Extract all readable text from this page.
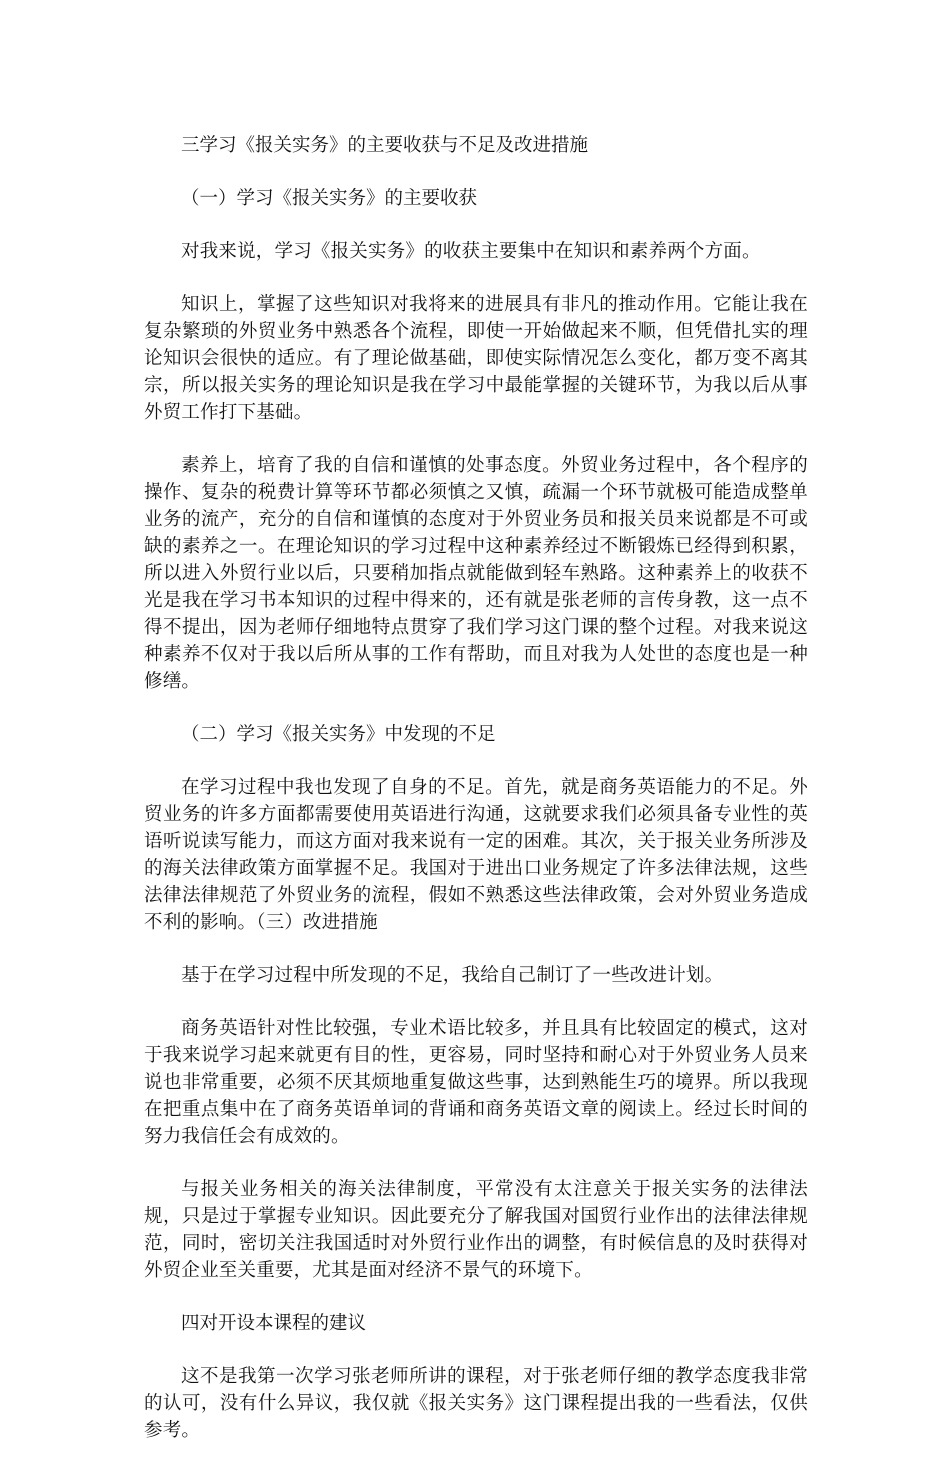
三学习《报关实务》的主要收获与不足及改进措施

（一）学习《报关实务》的主要收获

对我来说，学习《报关实务》的收获主要集中在知识和素养两个方面。

知识上，掌握了这些知识对我将来的进展具有非凡的推动作用。它能让我在复杂繁琐的外贸业务中熟悉各个流程，即使一开始做起来不顺，但凭借扎实的理论知识会很快的适应。有了理论做基础，即使实际情况怎么变化，都万变不离其宗，所以报关实务的理论知识是我在学习中最能掌握的关键环节，为我以后从事外贸工作打下基础。

素养上，培育了我的自信和谨慎的处事态度。外贸业务过程中，各个程序的操作、复杂的税费计算等环节都必须慎之又慎，疏漏一个环节就极可能造成整单业务的流产，充分的自信和谨慎的态度对于外贸业务员和报关员来说都是不可或缺的素养之一。在理论知识的学习过程中这种素养经过不断锻炼已经得到积累，所以进入外贸行业以后，只要稍加指点就能做到轻车熟路。这种素养上的收获不光是我在学习书本知识的过程中得来的，还有就是张老师的言传身教，这一点不得不提出，因为老师仔细地特点贯穿了我们学习这门课的整个过程。对我来说这种素养不仅对于我以后所从事的工作有帮助，而且对我为人处世的态度也是一种修缮。

（二）学习《报关实务》中发现的不足

在学习过程中我也发现了自身的不足。首先，就是商务英语能力的不足。外贸业务的许多方面都需要使用英语进行沟通，这就要求我们必须具备专业性的英语听说读写能力，而这方面对我来说有一定的困难。其次，关于报关业务所涉及的海关法律政策方面掌握不足。我国对于进出口业务规定了许多法律法规，这些法律法律规范了外贸业务的流程，假如不熟悉这些法律政策，会对外贸业务造成不利的影响。（三）改进措施

基于在学习过程中所发现的不足，我给自己制订了一些改进计划。

商务英语针对性比较强，专业术语比较多，并且具有比较固定的模式，这对于我来说学习起来就更有目的性，更容易，同时坚持和耐心对于外贸业务人员来说也非常重要，必须不厌其烦地重复做这些事，达到熟能生巧的境界。所以我现在把重点集中在了商务英语单词的背诵和商务英语文章的阅读上。经过长时间的努力我信任会有成效的。

与报关业务相关的海关法律制度，平常没有太注意关于报关实务的法律法规，只是过于掌握专业知识。因此要充分了解我国对国贸行业作出的法律法律规范，同时，密切关注我国适时对外贸行业作出的调整，有时候信息的及时获得对外贸企业至关重要，尤其是面对经济不景气的环境下。

四对开设本课程的建议

这不是我第一次学习张老师所讲的课程，对于张老师仔细的教学态度我非常的认可，没有什么异议，我仅就《报关实务》这门课程提出我的一些看法，仅供参考。
